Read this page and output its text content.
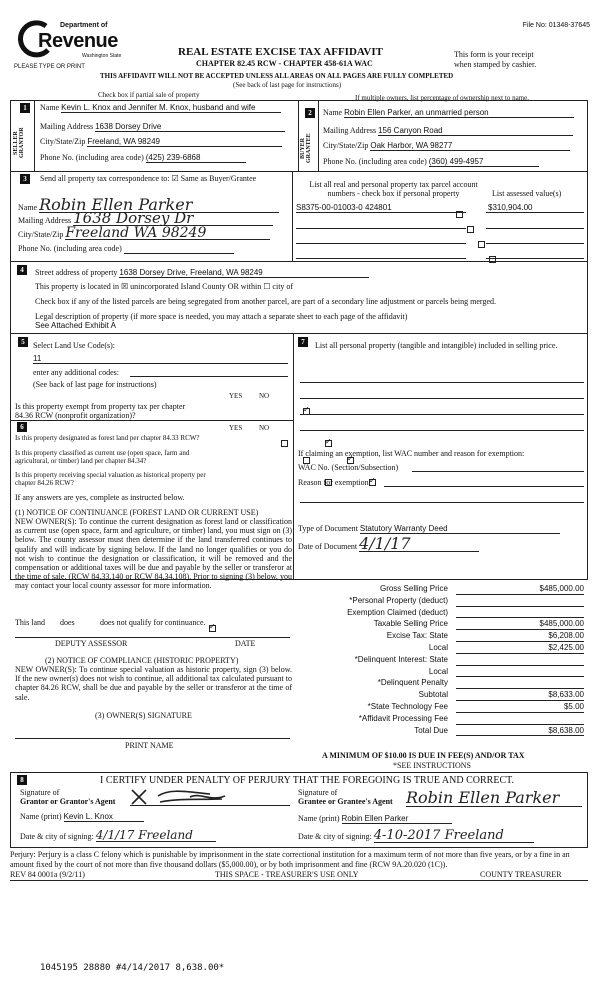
File No: 01348-37645
Department of
Revenue
Washington State
PLEASE TYPE OR PRINT
REAL ESTATE EXCISE TAX AFFIDAVIT
CHAPTER 82.45 RCW - CHAPTER 458-61A WAC
This form is your receipt
when stamped by cashier.
THIS AFFIDAVIT WILL NOT BE ACCEPTED UNLESS ALL AREAS ON ALL PAGES ARE FULLY COMPLETED
(See back of last page for instructions)
Check box if partial sale of property	If multiple owners, list percentage of ownership next to name.
1
SELLER GRANTOR
Name Kevin L. Knox and Jennifer M. Knox, husband and wife
Mailing Address 1638 Dorsey Drive
City/State/Zip Freeland, WA 98249
Phone No. (including area code) (425) 239-6868
2
BUYER GRANTEE
Name Robin Ellen Parker, an unmarried person
Mailing Address 156 Canyon Road
City/State/Zip Oak Harbor, WA 98277
Phone No. (including area code) (360) 499-4957
3	Send all property tax correspondence to: ☑ Same as Buyer/Grantee
Name Robin Ellen Parker
Mailing Address 1638 Dorsey Dr
City/State/Zip Freeland WA 98249
Phone No. (including area code)
List all real and personal property tax parcel account numbers - check box if personal property	List assessed value(s)
S8375-00-01003-0 424801	$310,904.00

4	Street address of property 1638 Dorsey Drive, Freeland, WA 98249
This property is located in ☒ unincorporated Island County OR within ☐ city of
Check box if any of the listed parcels are being segregated from another parcel, are part of a secondary line adjustment or parcels being merged.
Legal description of property (if more space is needed, you may attach a separate sheet to each page of the affidavit)
See Attached Exhibit A
5	Select Land Use Code(s):
11
enter any additional codes:
(See back of last page for instructions)
YES NO
Is this property exempt from property tax per chapter 84.36 RCW (nonprofit organization)?
✓
6	YES NO
Is this property designated as forest land per chapter 84.33 RCW?
✓
Is this property classified as current use (open space, farm and agricultural, or timber) land per chapter 84.34?
✓
Is this property receiving special valuation as historical property per chapter 84.26 RCW?
✓
If any answers are yes, complete as instructed below.
(1) NOTICE OF CONTINUANCE (FOREST LAND OR CURRENT USE)
NEW OWNER(S): To continue the current designation as forest land or classification as current use (open space, farm and agriculture, or timber) land, you must sign on (3) below. The county assessor must then determine if the land transferred continues to qualify and will indicate by signing below. If the land no longer qualifies or you do not wish to continue the designation or classification, it will be removed and the compensation or additional taxes will be due and payable by the seller or transferor at the time of sale. (RCW 84.33.140 or RCW 84.34.108). Prior to signing (3) below, you may contact your local county assessor for more information.
This land does
✓	does not qualify for continuance.
DEPUTY ASSESSOR	DATE
(2) NOTICE OF COMPLIANCE (HISTORIC PROPERTY)
NEW OWNER(S): To continue special valuation as historic property, sign (3) below. If the new owner(s) does not wish to continue, all additional tax calculated pursuant to chapter 84.26 RCW, shall be due and payable by the seller or transferor at the time of sale.
(3) OWNER(S) SIGNATURE
PRINT NAME
7	List all personal property (tangible and intangible) included in selling price.
If claiming an exemption, list WAC number and reason for exemption:
WAC No. (Section/Subsection)
Reason for exemption:
Type of Document Statutory Warranty Deed
Date of Document 4/1/17
Gross Selling Price	$485,000.00
*Personal Property (deduct)
Exemption Claimed (deduct)
Taxable Selling Price	$485,000.00
Excise Tax: State	$6,208.00
Local	$2,425.00
*Delinquent Interest: State
Local
*Delinquent Penalty
Subtotal	$8,633.00
*State Technology Fee	$5.00
*Affidavit Processing Fee
Total Due	$8,638.00
A MINIMUM OF $10.00 IS DUE IN FEE(S) AND/OR TAX
*SEE INSTRUCTIONS
8	I CERTIFY UNDER PENALTY OF PERJURY THAT THE FOREGOING IS TRUE AND CORRECT.
Signature of
Grantor or Grantor's Agent
Name (print) Kevin L. Knox
Date & city of signing: 4/1/17 Freeland
Signature of
Grantee or Grantee's Agent Robin Ellen Parker
Name (print) Robin Ellen Parker
Date & city of signing: 4-10-2017 Freeland
Perjury: Perjury is a class C felony which is punishable by imprisonment in the state correctional institution for a maximum term of not more than five years, or by a fine in an amount fixed by the court of not more than five thousand dollars ($5,000.00), or by both imprisonment and fine (RCW 9A.20.020 (1C)).
REV 84 0001a (9/2/11)	THIS SPACE - TREASURER'S USE ONLY	COUNTY TREASURER
1045195 28880 #4/14/2017 8,638.00*
